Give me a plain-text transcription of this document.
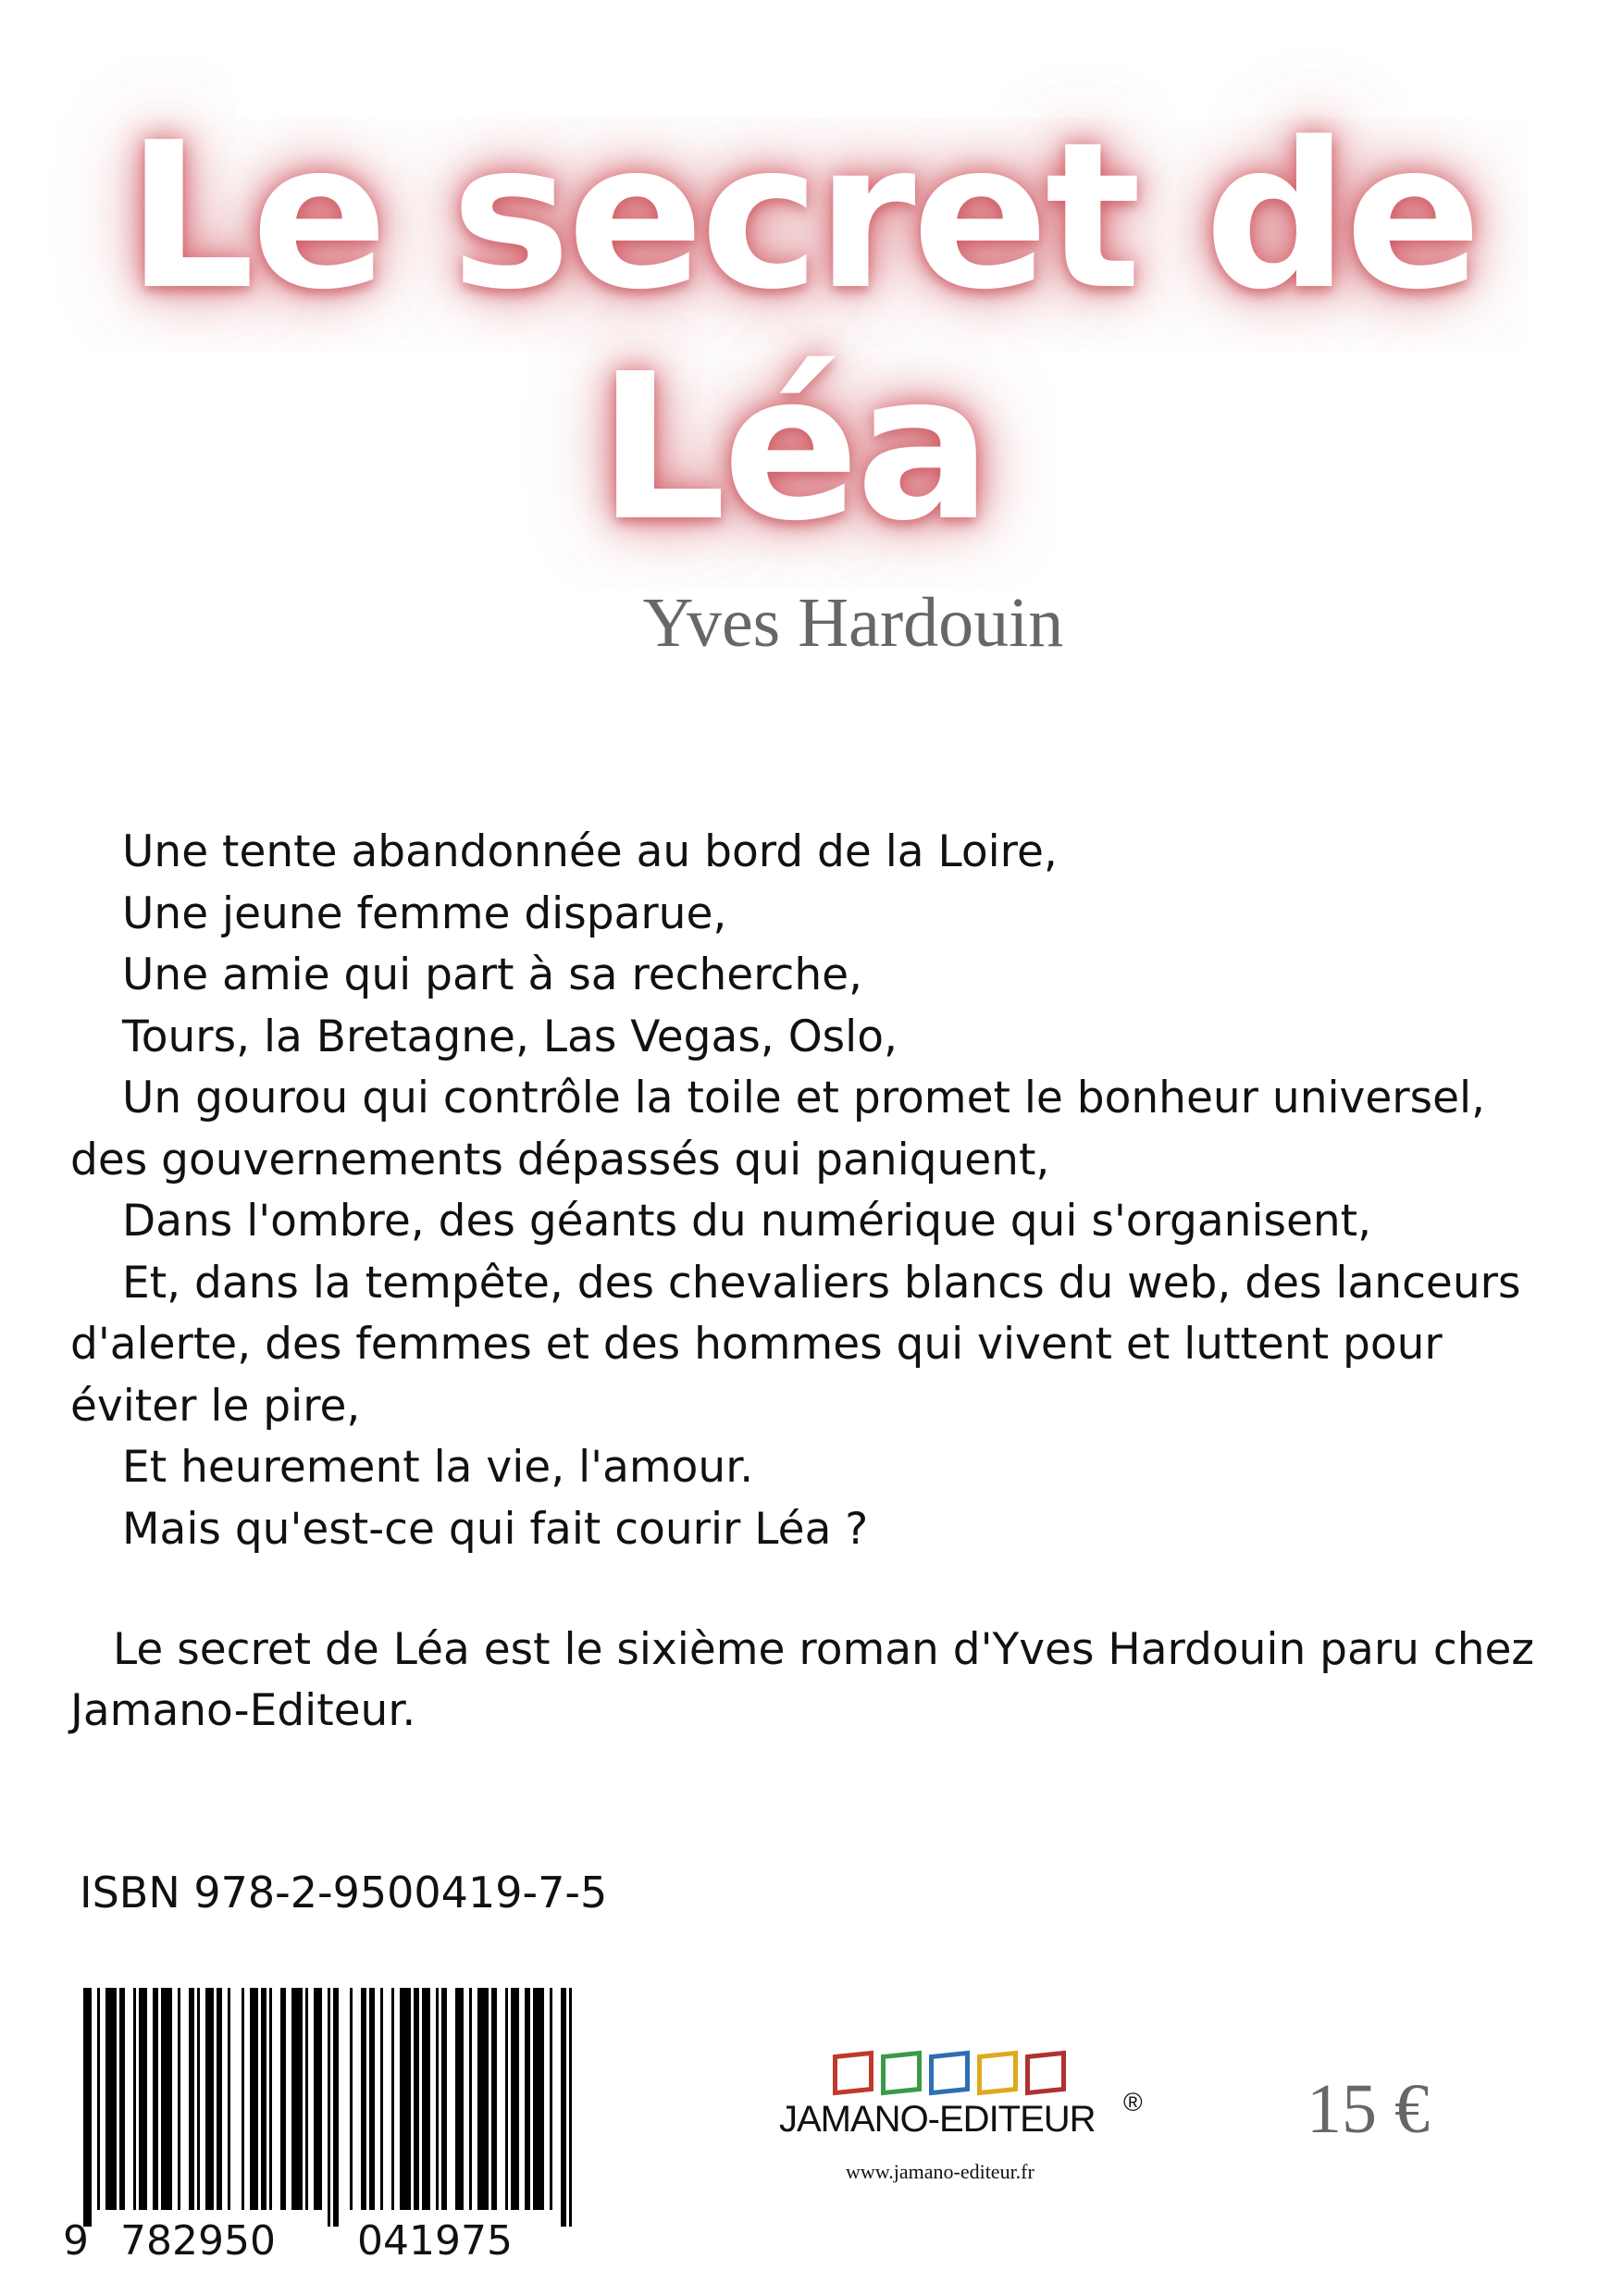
Le secret de
Léa
Yves Hardouin

Une tente abandonnée au bord de la Loire,

Une jeune femme disparue,

Une amie qui part à sa recherche,

Tours, la Bretagne, Las Vegas, Oslo,

Un gourou qui contrôle la toile et promet le bonheur universel, des gouvernements dépassés qui paniquent,

Dans l'ombre, des géants du numérique qui s'organisent,

Et, dans la tempête, des chevaliers blancs du web, des lanceurs d'alerte, des femmes et des hommes qui vivent et luttent pour éviter le pire,

Et heurement la vie, l'amour.

Mais qu'est-ce qui fait courir Léa ?

Le secret de Léa est le sixième roman d'Yves Hardouin paru chez Jamano-Editeur.

ISBN 978-2-9500419-7-5
9 782950 041975
JAMANO-EDITEUR ®
www.jamano-editeur.fr
15 €
